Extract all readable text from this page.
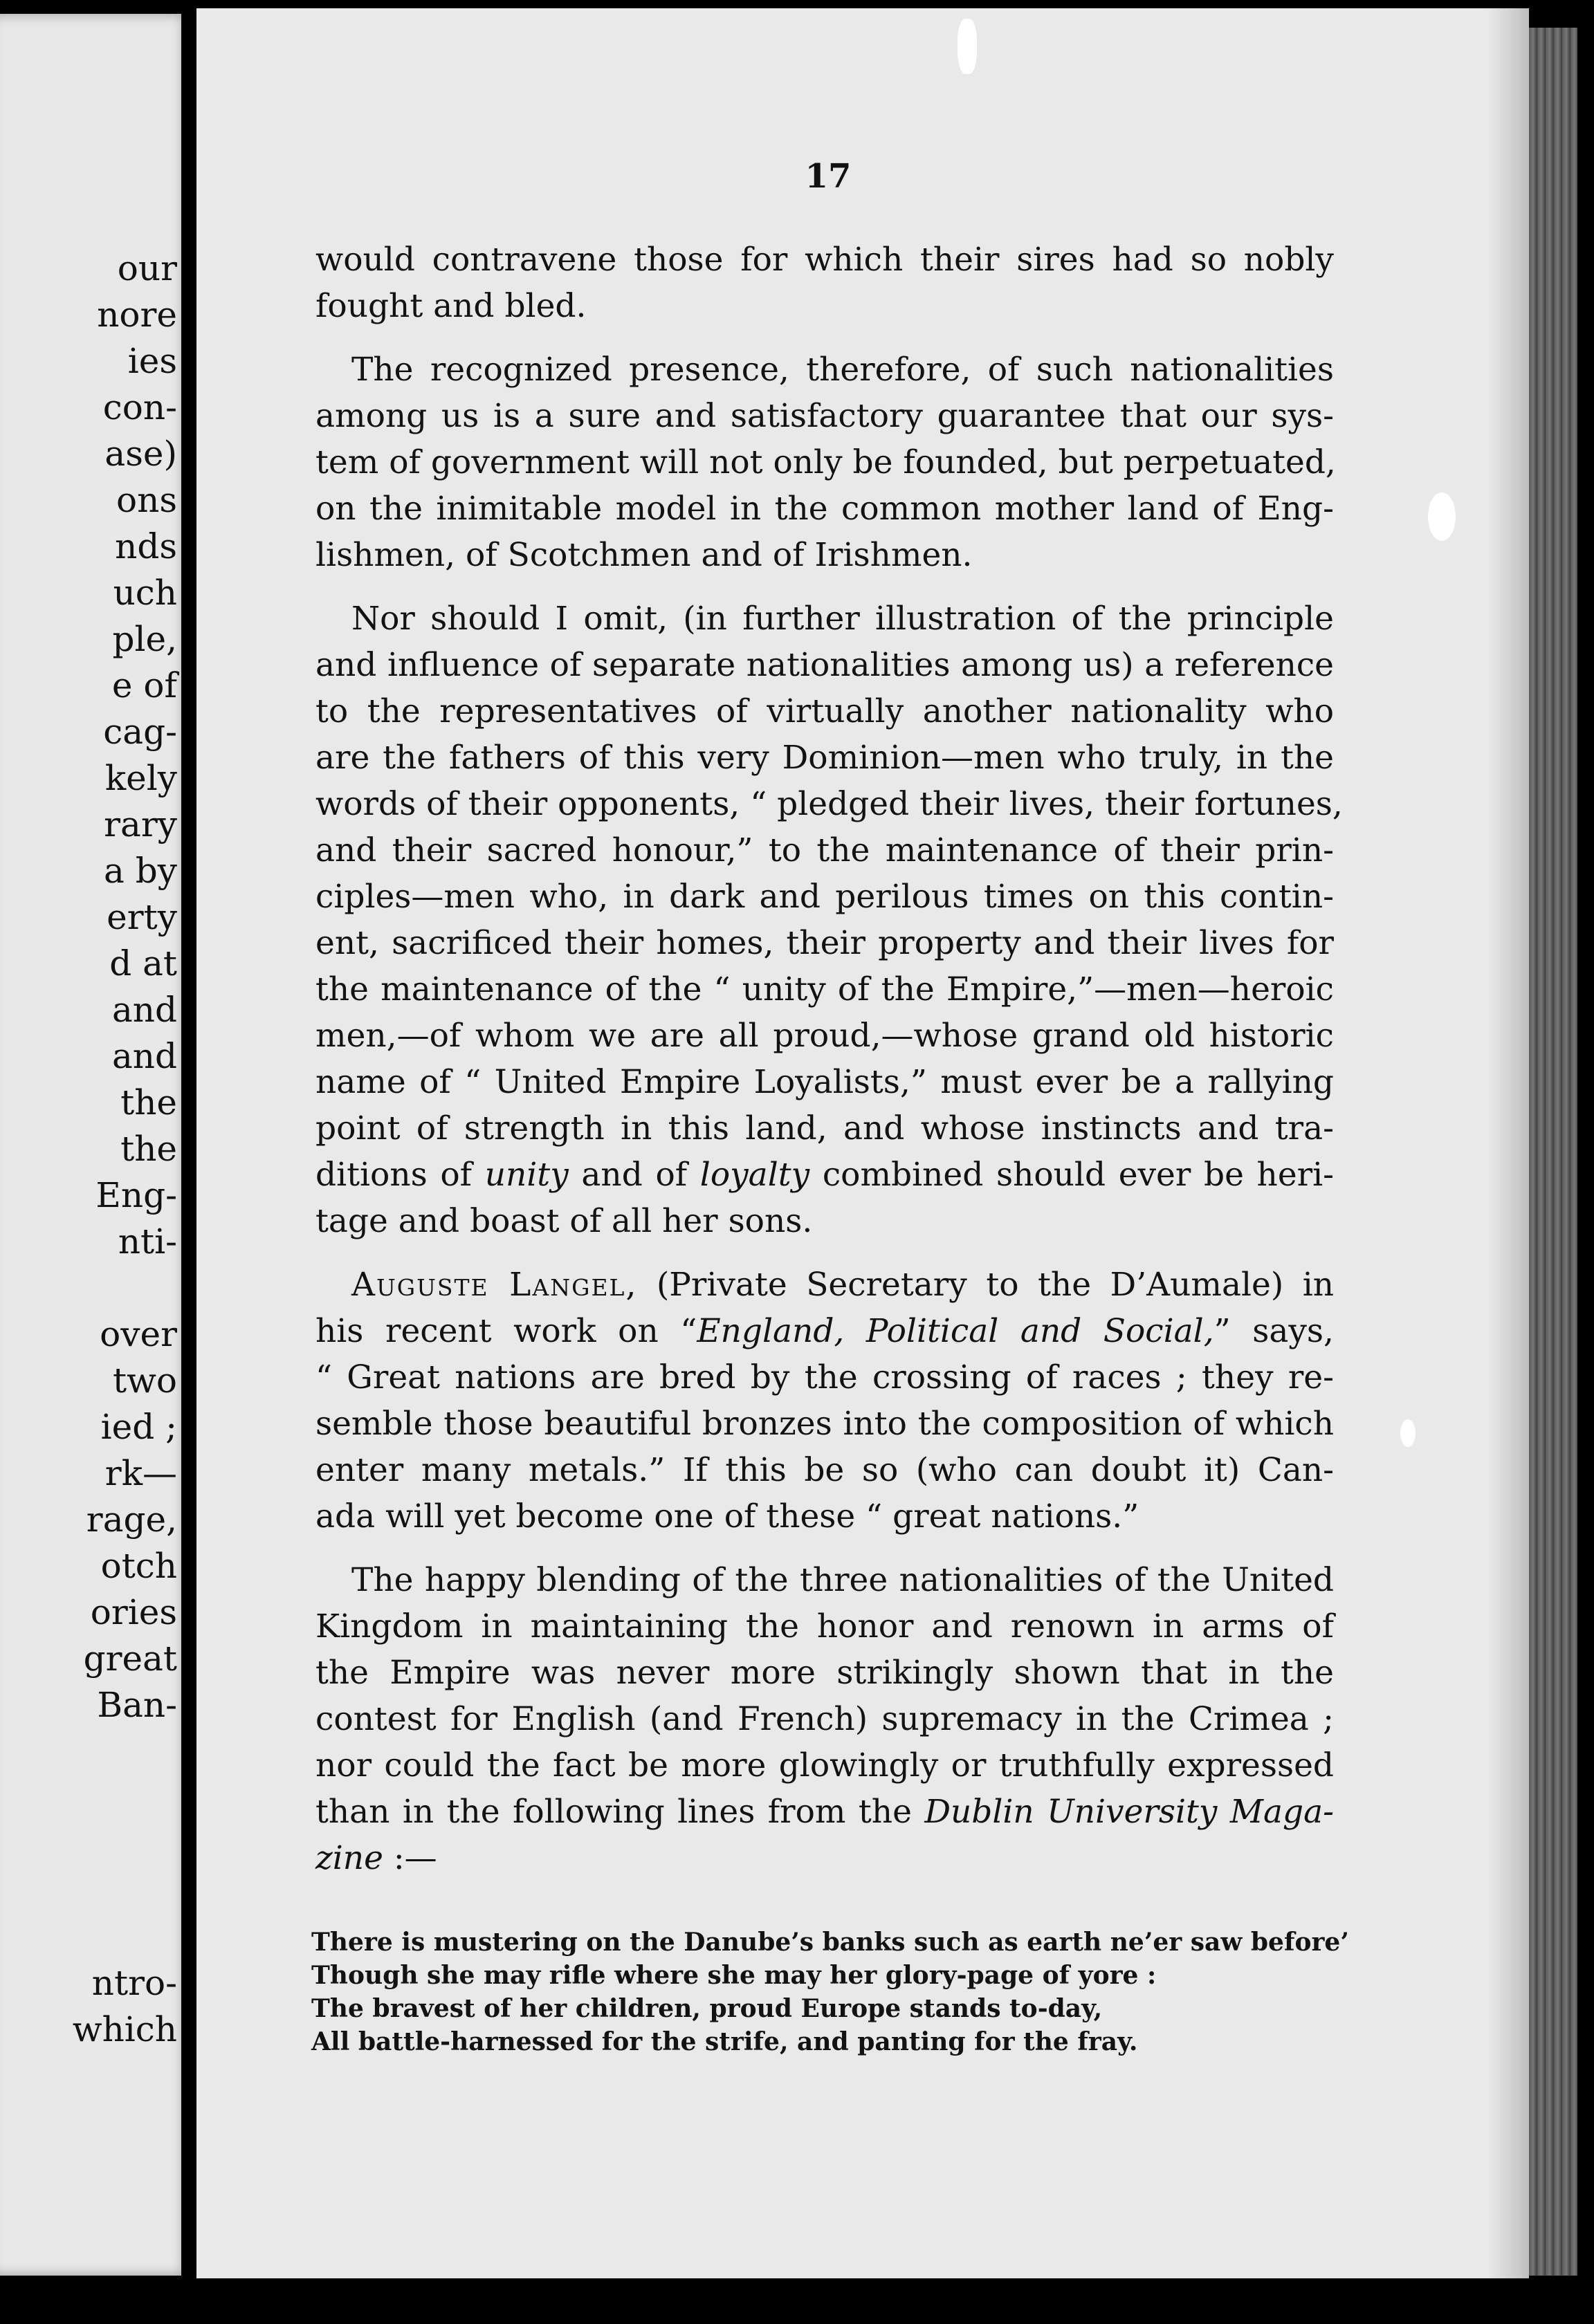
our
nore
ies
con-
ase)
ons
nds
uch
ple,
e of
cag-
kely
rary
a by
erty
d at
and
and
the
the
Eng-
nti-
over
two
ied ;
rk—
rage,
otch
ories
great
Ban-
ntro-
which
17
would contravene those for which their sires had so nobly
fought and bled.
The recognized presence, therefore, of such nationalities
among us is a sure and satisfactory guarantee that our sys-
tem of government will not only be founded, but perpetuated,
on the inimitable model in the common mother land of Eng-
lishmen, of Scotchmen and of Irishmen.
Nor should I omit, (in further illustration of the principle
and influence of separate nationalities among us) a reference
to the representatives of virtually another nationality who
are the fathers of this very Dominion—men who truly, in the
words of their opponents, “ pledged their lives, their fortunes,
and their sacred honour,” to the maintenance of their prin-
ciples—men who, in dark and perilous times on this contin-
ent, sacrificed their homes, their property and their lives for
the maintenance of the “ unity of the Empire,”—men—heroic
men,—of whom we are all proud,—whose grand old historic
name of “ United Empire Loyalists,” must ever be a rallying
point of strength in this land, and whose instincts and tra-
ditions of unity and of loyalty combined should ever be heri-
tage and boast of all her sons.
Auguste Langel, (Private Secretary to the D’Aumale) in
his recent work on “England, Political and Social,” says,
“ Great nations are bred by the crossing of races ; they re-
semble those beautiful bronzes into the composition of which
enter many metals.” If this be so (who can doubt it) Can-
ada will yet become one of these “ great nations.”
The happy blending of the three nationalities of the United
Kingdom in maintaining the honor and renown in arms of
the Empire was never more strikingly shown that in the
contest for English (and French) supremacy in the Crimea ;
nor could the fact be more glowingly or truthfully expressed
than in the following lines from the Dublin University Maga-
zine :—
There is mustering on the Danube’s banks such as earth ne’er saw before’
Though she may rifle where she may her glory-page of yore :
The bravest of her children, proud Europe stands to-day,
All battle-harnessed for the strife, and panting for the fray.
